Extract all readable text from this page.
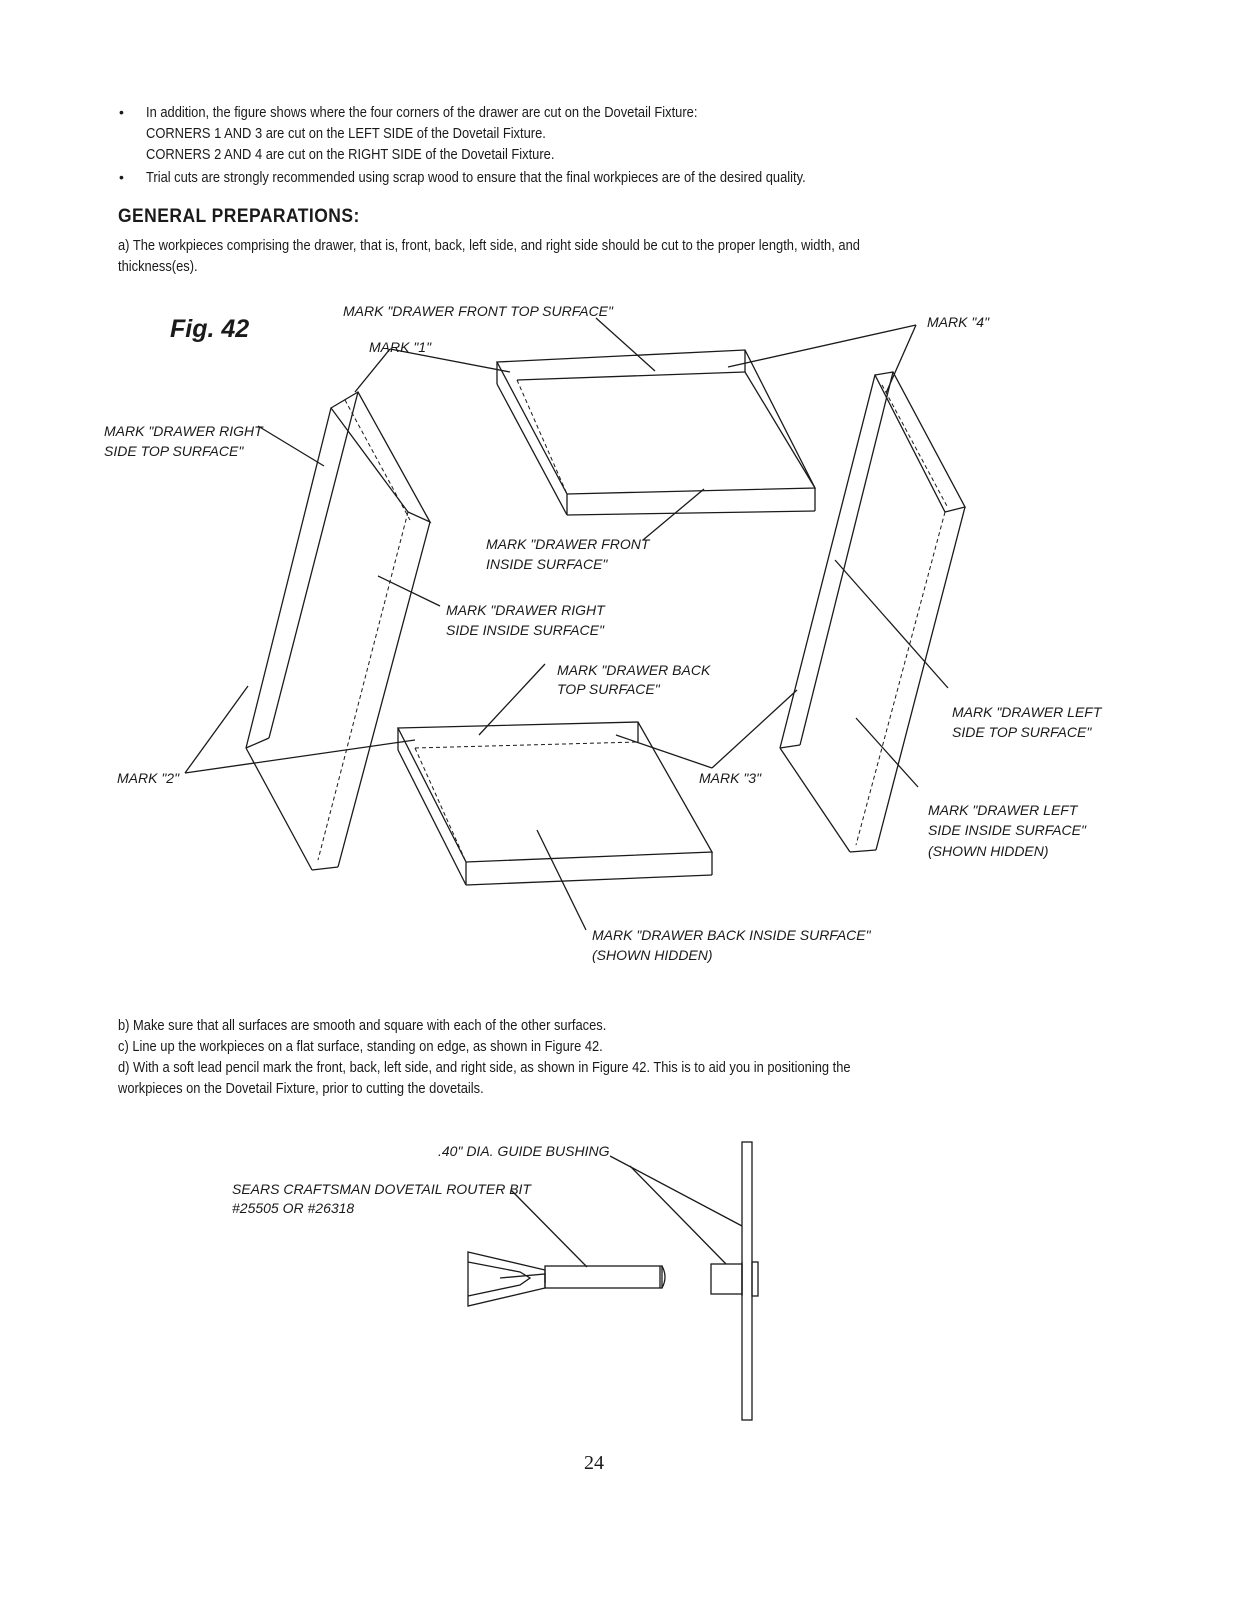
• In addition, the figure shows where the four corners of the drawer are cut on the Dovetail Fixture:
CORNERS 1 AND 3 are cut on the LEFT SIDE of the Dovetail Fixture.
CORNERS 2 AND 4 are cut on the RIGHT SIDE of the Dovetail Fixture.
• Trial cuts are strongly recommended using scrap wood to ensure that the final workpieces are of the desired quality.
GENERAL PREPARATIONS:
a) The workpieces comprising the drawer, that is, front, back, left side, and right side should be cut to the proper length, width, and
thickness(es).
Fig. 42
MARK "DRAWER FRONT TOP SURFACE"
MARK "1"
MARK "4"
MARK "DRAWER RIGHT
SIDE TOP SURFACE"
MARK "DRAWER FRONT
INSIDE SURFACE"
MARK "DRAWER RIGHT
SIDE INSIDE SURFACE"
MARK "DRAWER BACK
TOP SURFACE"
MARK "DRAWER LEFT
SIDE TOP SURFACE"
MARK "2"	MARK "3"
MARK "DRAWER LEFT
SIDE INSIDE SURFACE"
(SHOWN HIDDEN)
MARK "DRAWER BACK INSIDE SURFACE"
(SHOWN HIDDEN)
.40" DIA. GUIDE BUSHING
SEARS CRAFTSMAN DOVETAIL ROUTER BIT
#25505 OR #26318
b) Make sure that all surfaces are smooth and square with each of the other surfaces.
c) Line up the workpieces on a flat surface, standing on edge, as shown in Figure 42.
d) With a soft lead pencil mark the front, back, left side, and right side, as shown in Figure 42. This is to aid you in positioning the
workpieces on the Dovetail Fixture, prior to cutting the dovetails.
24
